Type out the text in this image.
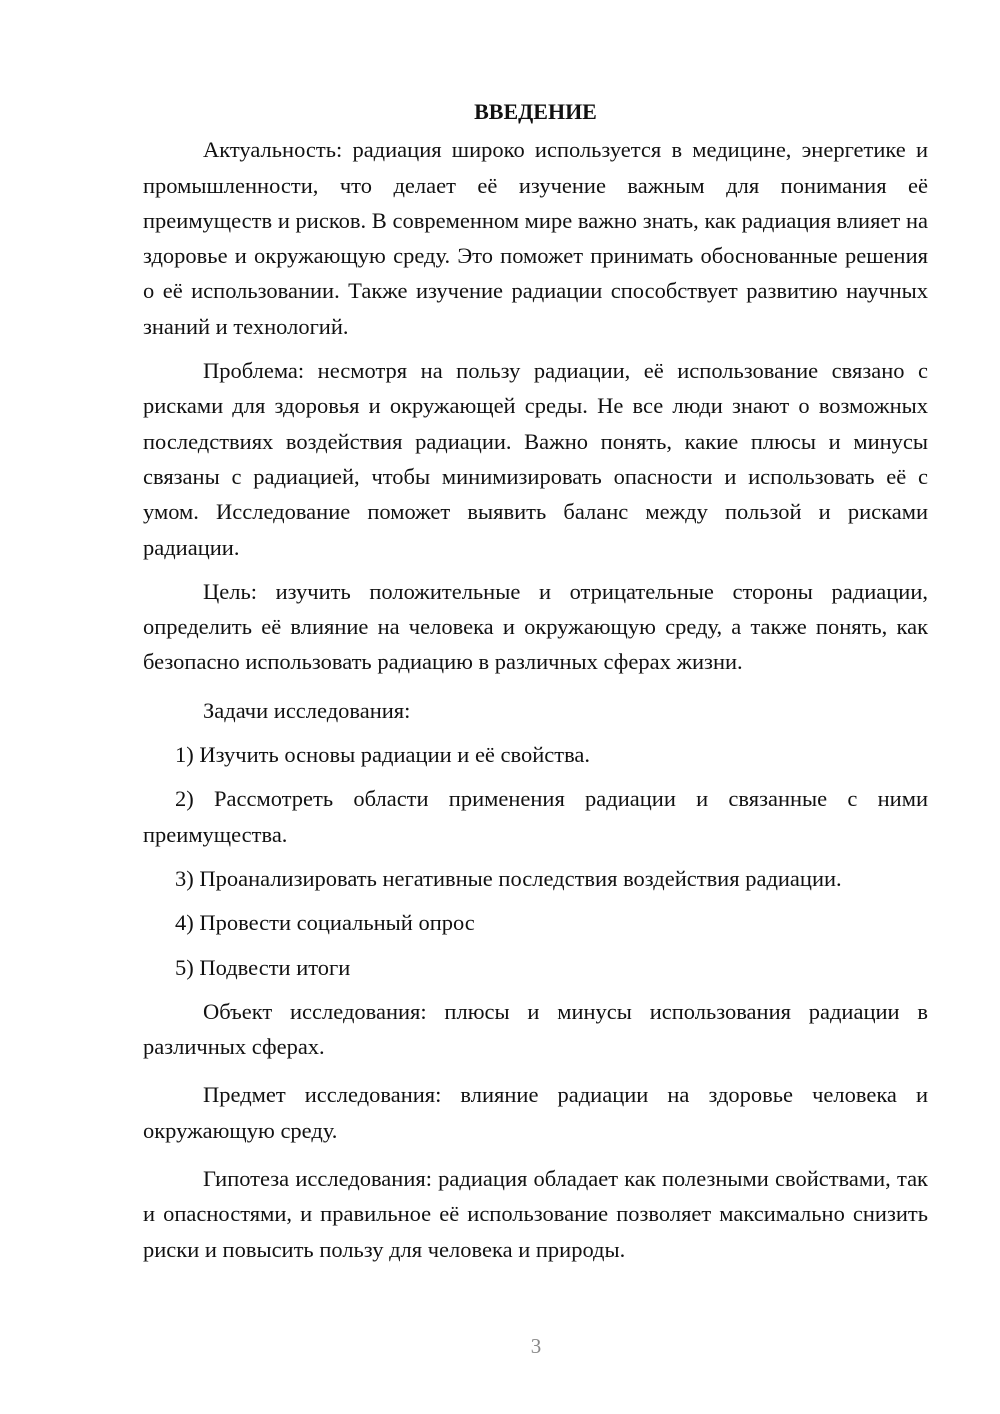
ВВЕДЕНИЕ

Актуальность: радиация широко используется в медицине, энергетике и промышленности, что делает её изучение важным для понимания её преимуществ и рисков. В современном мире важно знать, как радиация влияет на здоровье и окружающую среду. Это поможет принимать обоснованные решения о её использовании. Также изучение радиации способствует развитию научных знаний и технологий.

Проблема: несмотря на пользу радиации, её использование связано с рисками для здоровья и окружающей среды. Не все люди знают о возможных последствиях воздействия радиации. Важно понять, какие плюсы и минусы связаны с радиацией, чтобы минимизировать опасности и использовать её с умом. Исследование поможет выявить баланс между пользой и рисками радиации.

Цель: изучить положительные и отрицательные стороны радиации, определить её влияние на человека и окружающую среду, а также понять, как безопасно использовать радиацию в различных сферах жизни.

Задачи исследования:

1) Изучить основы радиации и её свойства.

2) Рассмотреть области применения радиации и связанные с ними преимущества.

3) Проанализировать негативные последствия воздействия радиации.

4) Провести социальный опрос

5) Подвести итоги

Объект исследования: плюсы и минусы использования радиации в различных сферах.

Предмет исследования: влияние радиации на здоровье человека и окружающую среду.

Гипотеза исследования: радиация обладает как полезными свойствами, так и опасностями, и правильное её использование позволяет максимально снизить риски и повысить пользу для человека и природы.

3
